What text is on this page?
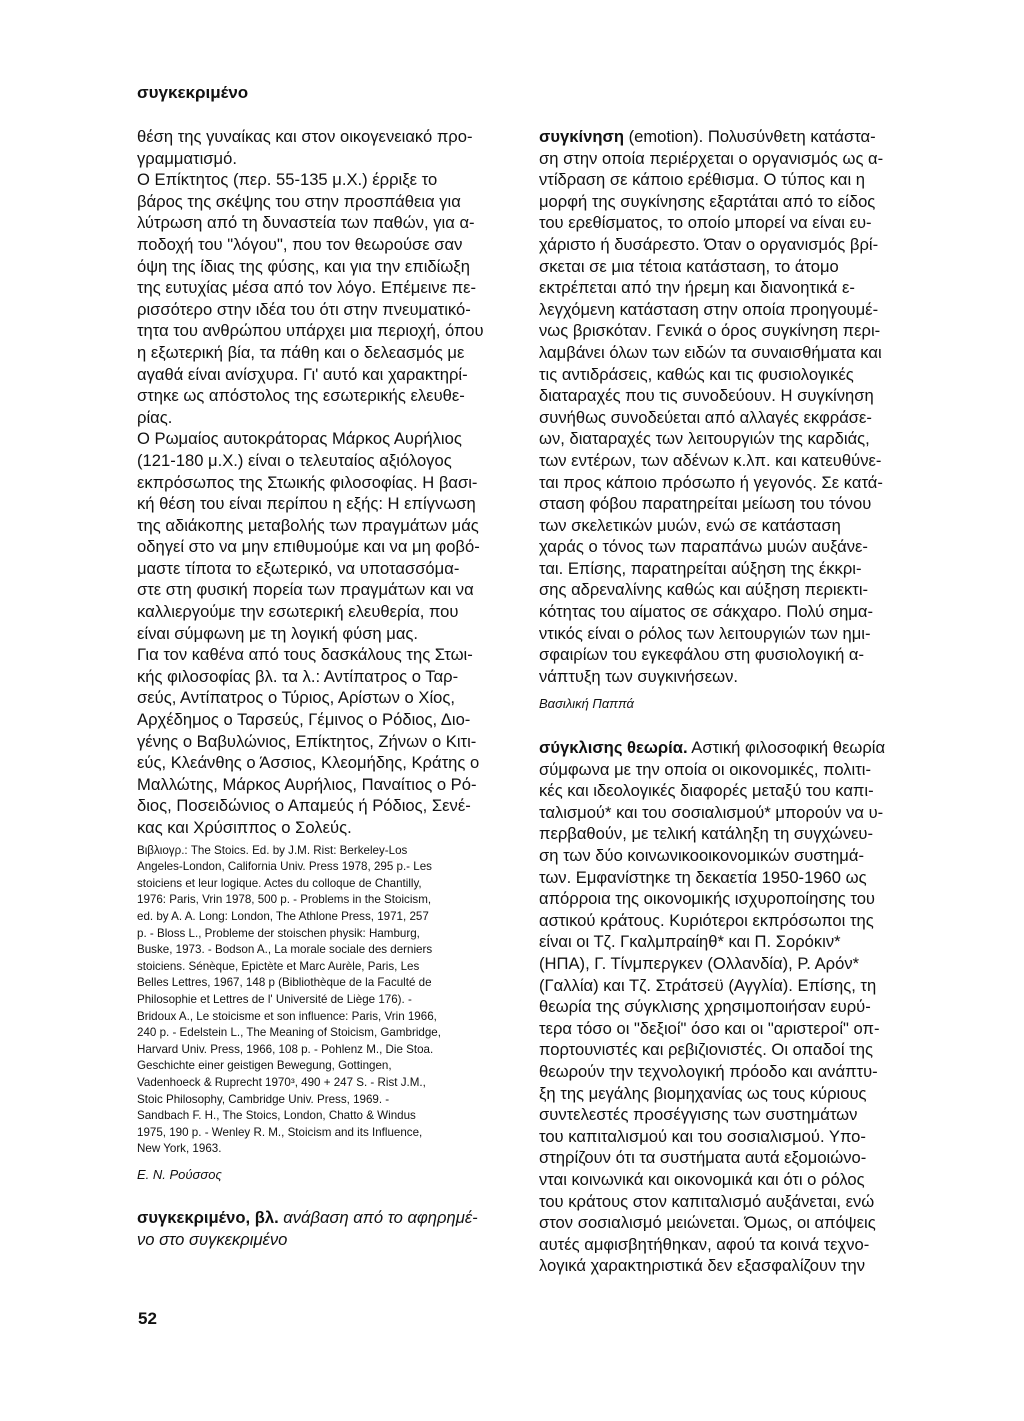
συγκεκριμένο

θέση της γυναίκας και στον οικογενειακό προ-
γραμματισμό.

Ο Επίκτητος (περ. 55-135 μ.Χ.) έρριξε το
βάρος της σκέψης του στην προσπάθεια για
λύτρωση από τη δυναστεία των παθών, για α-
ποδοχή του "λόγου", που τον θεωρούσε σαν
όψη της ίδιας της φύσης, και για την επιδίωξη
της ευτυχίας μέσα από τον λόγο. Επέμεινε πε-
ρισσότερο στην ιδέα του ότι στην πνευματικό-
τητα του ανθρώπου υπάρχει μια περιοχή, όπου
η εξωτερική βία, τα πάθη και ο δελεασμός με
αγαθά είναι ανίσχυρα. Γι' αυτό και χαρακτηρί-
στηκε ως απόστολος της εσωτερικής ελευθε-
ρίας.

Ο Ρωμαίος αυτοκράτορας Μάρκος Αυρήλιος
(121-180 μ.Χ.) είναι ο τελευταίος αξιόλογος
εκπρόσωπος της Στωικής φιλοσοφίας. Η βασι-
κή θέση του είναι περίπου η εξής: Η επίγνωση
της αδιάκοπης μεταβολής των πραγμάτων μάς
οδηγεί στο να μην επιθυμούμε και να μη φοβό-
μαστε τίποτα το εξωτερικό, να υποτασσόμα-
στε στη φυσική πορεία των πραγμάτων και να
καλλιεργούμε την εσωτερική ελευθερία, που
είναι σύμφωνη με τη λογική φύση μας.

Για τον καθένα από τους δασκάλους της Στωι-
κής φιλοσοφίας βλ. τα λ.: Αντίπατρος ο Ταρ-
σεύς, Αντίπατρος ο Τύριος, Αρίστων ο Χίος,
Αρχέδημος ο Ταρσεύς, Γέμινος ο Ρόδιος, Διο-
γένης ο Βαβυλώνιος, Επίκτητος, Ζήνων ο Κιτι-
εύς, Κλεάνθης ο Άσσιος, Κλεομήδης, Κράτης ο
Μαλλώτης, Μάρκος Αυρήλιος, Παναίτιος ο Ρό-
διος, Ποσειδώνιος ο Απαμεύς ή Ρόδιος, Σενέ-
κας και Χρύσιππος ο Σολεύς.

Βιβλιογρ.: The Stoics. Ed. by J.M. Rist: Berkeley-Los
Angeles-London, California Univ. Press 1978, 295 p.- Les
stoiciens et leur logique. Actes du colloque de Chantilly,
1976: Paris, Vrin 1978, 500 p. - Problems in the Stoicism,
ed. by A. A. Long: London, The Athlone Press, 1971, 257
p. - Bloss L., Probleme der stoischen physik: Hamburg,
Buske, 1973. - Bodson A., La morale sociale des derniers
stoiciens. Sénèque, Epictète et Marc Aurèle, Paris, Les
Belles Lettres, 1967, 148 p (Bibliothèque de la Faculté de
Philosophie et Lettres de l' Université de Liège 176). -
Bridoux A., Le stoicisme et son influence: Paris, Vrin 1966,
240 p. - Edelstein L., The Meaning of Stoicism, Gambridge,
Harvard Univ. Press, 1966, 108 p. - Pohlenz M., Die Stoa.
Geschichte einer geistigen Bewegung, Gottingen,
Vadenhoeck & Ruprecht 1970³, 490 + 247 S. - Rist J.M.,
Stoic Philosophy, Cambridge Univ. Press, 1969. -
Sandbach F. H., The Stoics, London, Chatto & Windus
1975, 190 p. - Wenley R. M., Stoicism and its Influence,
New York, 1963.

Ε. Ν. Ρούσσος

συγκεκριμένο, βλ. ανάβαση από το αφηρημέ-
νο στο συγκεκριμένο

συγκίνηση (emotion). Πολυσύνθετη κατάστα-
ση στην οποία περιέρχεται ο οργανισμός ως α-
ντίδραση σε κάποιο ερέθισμα. Ο τύπος και η
μορφή της συγκίνησης εξαρτάται από το είδος
του ερεθίσματος, το οποίο μπορεί να είναι ευ-
χάριστο ή δυσάρεστο. Όταν ο οργανισμός βρί-
σκεται σε μια τέτοια κατάσταση, το άτομο
εκτρέπεται από την ήρεμη και διανοητικά ε-
λεγχόμενη κατάσταση στην οποία προηγουμέ-
νως βρισκόταν. Γενικά ο όρος συγκίνηση περι-
λαμβάνει όλων των ειδών τα συναισθήματα και
τις αντιδράσεις, καθώς και τις φυσιολογικές
διαταραχές που τις συνοδεύουν. Η συγκίνηση
συνήθως συνοδεύεται από αλλαγές εκφράσε-
ων, διαταραχές των λειτουργιών της καρδιάς,
των εντέρων, των αδένων κ.λπ. και κατευθύνε-
ται προς κάποιο πρόσωπο ή γεγονός. Σε κατά-
σταση φόβου παρατηρείται μείωση του τόνου
των σκελετικών μυών, ενώ σε κατάσταση
χαράς ο τόνος των παραπάνω μυών αυξάνε-
ται. Επίσης, παρατηρείται αύξηση της έκκρι-
σης αδρεναλίνης καθώς και αύξηση περιεκτι-
κότητας του αίματος σε σάκχαρο. Πολύ σημα-
ντικός είναι ο ρόλος των λειτουργιών των ημι-
σφαιρίων του εγκεφάλου στη φυσιολογική α-
νάπτυξη των συγκινήσεων.

Βασιλική Παππά

σύγκλισης θεωρία. Αστική φιλοσοφική θεωρία
σύμφωνα με την οποία οι οικονομικές, πολιτι-
κές και ιδεολογικές διαφορές μεταξύ του καπι-
ταλισμού* και του σοσιαλισμού* μπορούν να υ-
περβαθούν, με τελική κατάληξη τη συγχώνευ-
ση των δύο κοινωνικοοικονομικών συστημά-
των. Εμφανίστηκε τη δεκαετία 1950-1960 ως
απόρροια της οικονομικής ισχυροποίησης του
αστικού κράτους. Κυριότεροι εκπρόσωποι της
είναι οι Τζ. Γκαλμπραίηθ* και Π. Σορόκιν*
(ΗΠΑ), Γ. Τίνμπεργκεν (Ολλανδία), Ρ. Αρόν*
(Γαλλία) και Τζ. Στράτσεϋ (Αγγλία). Επίσης, τη
θεωρία της σύγκλισης χρησιμοποιήσαν ευρύ-
τερα τόσο οι "δεξιοί" όσο και οι "αριστεροί" οπ-
πορτουνιστές και ρεβιζιονιστές. Οι οπαδοί της
θεωρούν την τεχνολογική πρόοδο και ανάπτυ-
ξη της μεγάλης βιομηχανίας ως τους κύριους
συντελεστές προσέγγισης των συστημάτων
του καπιταλισμού και του σοσιαλισμού. Υπο-
στηρίζουν ότι τα συστήματα αυτά εξομοιώνο-
νται κοινωνικά και οικονομικά και ότι ο ρόλος
του κράτους στον καπιταλισμό αυξάνεται, ενώ
στον σοσιαλισμό μειώνεται. Όμως, οι απόψεις
αυτές αμφισβητήθηκαν, αφού τα κοινά τεχνο-
λογικά χαρακτηριστικά δεν εξασφαλίζουν την

52
